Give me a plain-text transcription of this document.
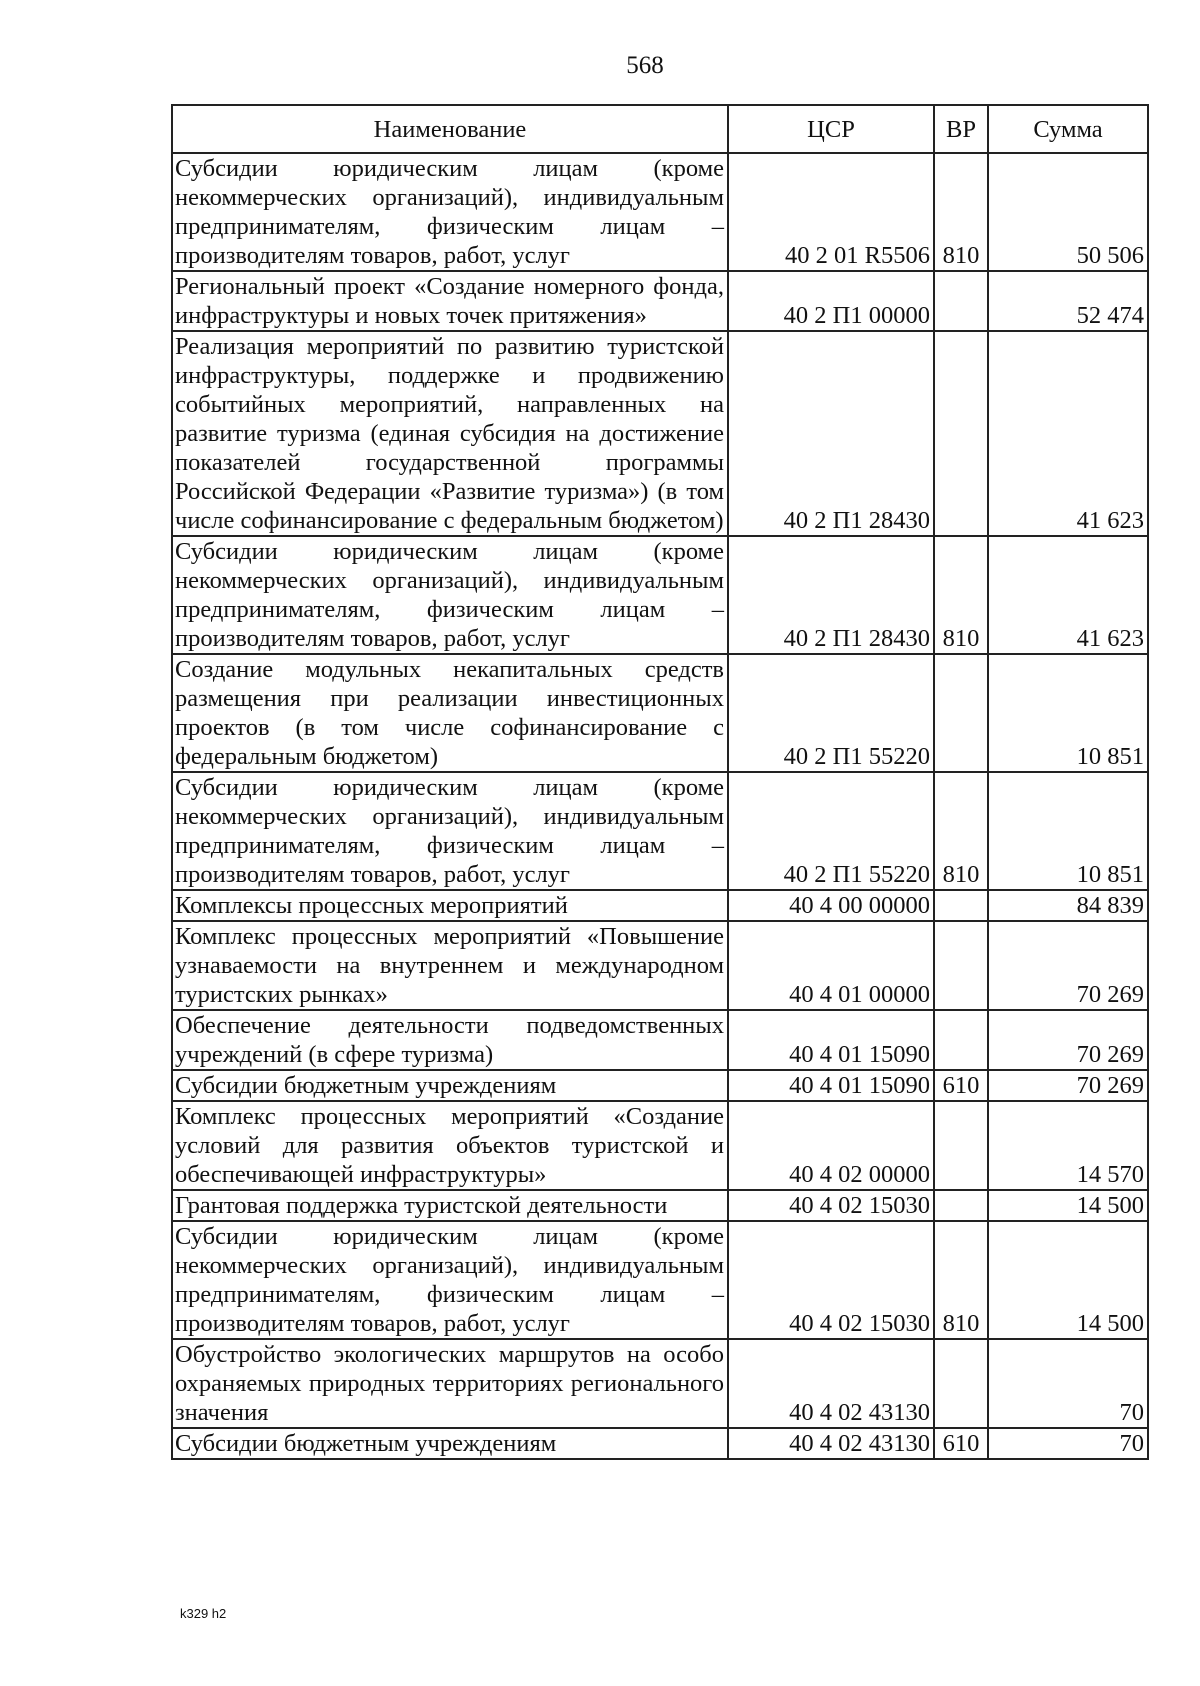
568
Наименование	ЦСР	ВР	Сумма
Субсидии юридическим лицам (кроме некоммерческих организаций), индивидуальным предпринимателям, физическим лицам – производителям товаров, работ, услуг	40 2 01 R5506	810	50 506
Региональный проект «Создание номерного фонда, инфраструктуры и новых точек притяжения»	40 2 П1 00000		52 474
Реализация мероприятий по развитию туристской инфраструктуры, поддержке и продвижению событийных мероприятий, направленных на развитие туризма (единая субсидия на достижение показателей государственной программы Российской Федерации «Развитие туризма») (в том числе софинансирование с федеральным бюджетом)	40 2 П1 28430		41 623
Субсидии юридическим лицам (кроме некоммерческих организаций), индивидуальным предпринимателям, физическим лицам – производителям товаров, работ, услуг	40 2 П1 28430	810	41 623
Создание модульных некапитальных средств размещения при реализации инвестиционных проектов (в том числе софинансирование с федеральным бюджетом)	40 2 П1 55220		10 851
Субсидии юридическим лицам (кроме некоммерческих организаций), индивидуальным предпринимателям, физическим лицам – производителям товаров, работ, услуг	40 2 П1 55220	810	10 851
Комплексы процессных мероприятий	40 4 00 00000		84 839
Комплекс процессных мероприятий «Повышение узнаваемости на внутреннем и международном туристских рынках»	40 4 01 00000		70 269
Обеспечение деятельности подведомственных учреждений (в сфере туризма)	40 4 01 15090		70 269
Субсидии бюджетным учреждениям	40 4 01 15090	610	70 269
Комплекс процессных мероприятий «Создание условий для развития объектов туристской и обеспечивающей инфраструктуры»	40 4 02 00000		14 570
Грантовая поддержка туристской деятельности	40 4 02 15030		14 500
Субсидии юридическим лицам (кроме некоммерческих организаций), индивидуальным предпринимателям, физическим лицам – производителям товаров, работ, услуг	40 4 02 15030	810	14 500
Обустройство экологических маршрутов на особо охраняемых природных территориях регионального значения	40 4 02 43130		70
Субсидии бюджетным учреждениям	40 4 02 43130	610	70
k329 h2
